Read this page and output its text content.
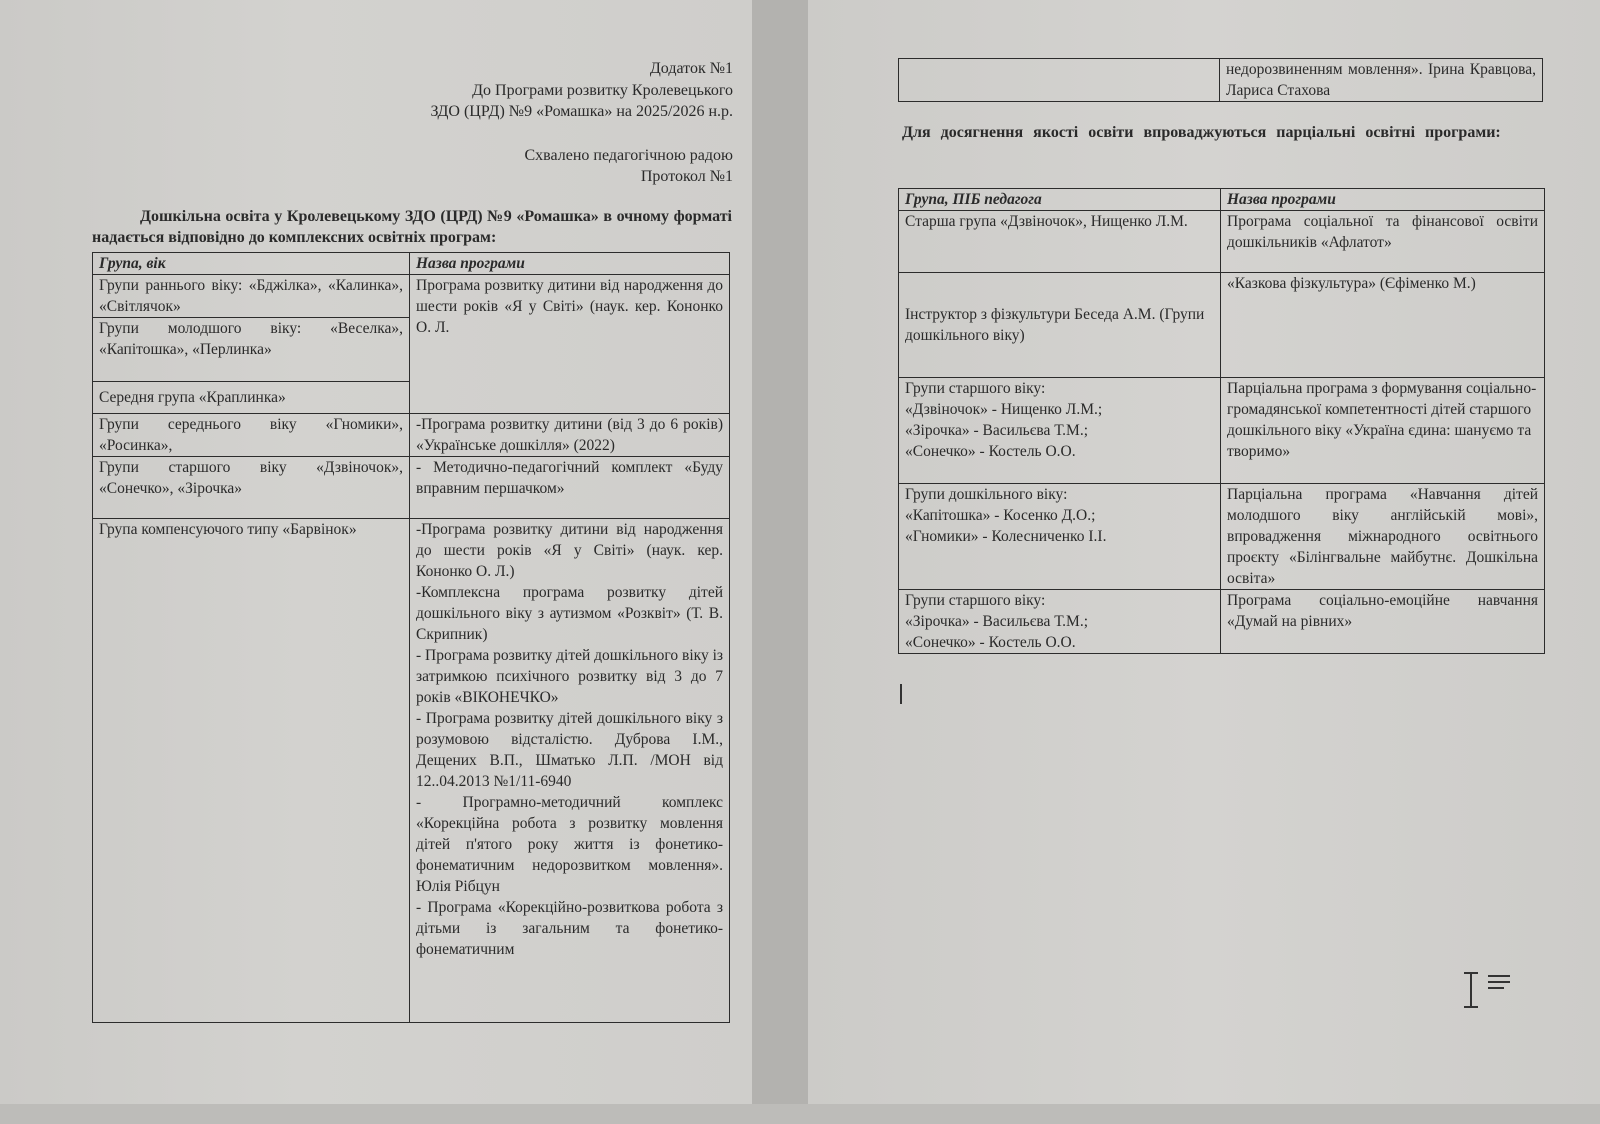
Додаток №1
До Програми розвитку Кролевецького
ЗДО (ЦРД) №9 «Ромашка» на 2025/2026 н.р.
Схвалено педагогічною радою
Протокол №1
Дошкільна освіта у Кролевецькому ЗДО (ЦРД) №9 «Ромашка» в очному форматі надається відповідно до комплексних освітніх програм:
Група, вік	Назва програми
Групи раннього віку: «Бджілка», «Калинка», «Світлячок»	Програма розвитку дитини від народження до шести років «Я у Світі» (наук. кер. Кононко О. Л.
Групи молодшого віку: «Веселка», «Капітошка», «Перлинка»	
Середня група «Краплинка»	
Групи середнього віку «Гномики», «Росинка»,	-Програма розвитку дитини (від 3 до 6 років) «Українське дошкілля» (2022)
Групи старшого віку «Дзвіночок», «Сонечко», «Зірочка»	- Методично-педагогічний комплект «Буду вправним першачком»
Група компенсуючого типу «Барвінок»	-Програма розвитку дитини від народження до шести років «Я у Світі» (наук. кер. Кононко О. Л.)
-Комплексна програма розвитку дітей дошкільного віку з аутизмом «Розквіт» (Т. В. Скрипник)
- Програма розвитку дітей дошкільного віку із затримкою психічного розвитку від 3 до 7 років «ВІКОНЕЧКО»
- Програма розвитку дітей дошкільного віку з розумовою відсталістю. Дуброва І.М., Дещених В.П., Шматько Л.П. /МОН від 12..04.2013 №1/11-6940
- Програмно-методичний комплекс «Корекційна робота з розвитку мовлення дітей п'ятого року життя із фонетико-фонематичним недорозвитком мовлення». Юлія Рібцун
- Програма «Корекційно-розвиткова робота з дітьми із загальним та фонетико-фонематичним
	недорозвиненням мовлення». Ірина Кравцова, Лариса Стахова
Для досягнення якості освіти впроваджуються парціальні освітні програми:
Група, ПІБ педагога	Назва програми
Старша група «Дзвіночок», Нищенко Л.М.	Програма соціальної та фінансової освіти дошкільників «Афлатот»
Інструктор з фізкультури Беседа А.М. (Групи дошкільного віку)	«Казкова фізкультура» (Єфіменко М.)

Групи старшого віку:
«Дзвіночок» - Нищенко Л.М.;
«Зірочка» - Васильєва Т.М.;
«Сонечко» - Костель О.О.	Парціальна програма з формування соціально-громадянської компетентності дітей старшого дошкільного віку «Україна єдина: шануємо та творимо»

Групи дошкільного віку:
«Капітошка» - Косенко Д.О.;
«Гномики» - Колесниченко І.І.	Парціальна програма «Навчання дітей молодшого віку англійській мові», впровадження міжнародного освітнього проєкту «Білінгвальне майбутнє. Дошкільна освіта»

Групи старшого віку:
«Зірочка» - Васильєва Т.М.;
«Сонечко» - Костель О.О.	Програма соціально-емоційне навчання «Думай на рівних»
